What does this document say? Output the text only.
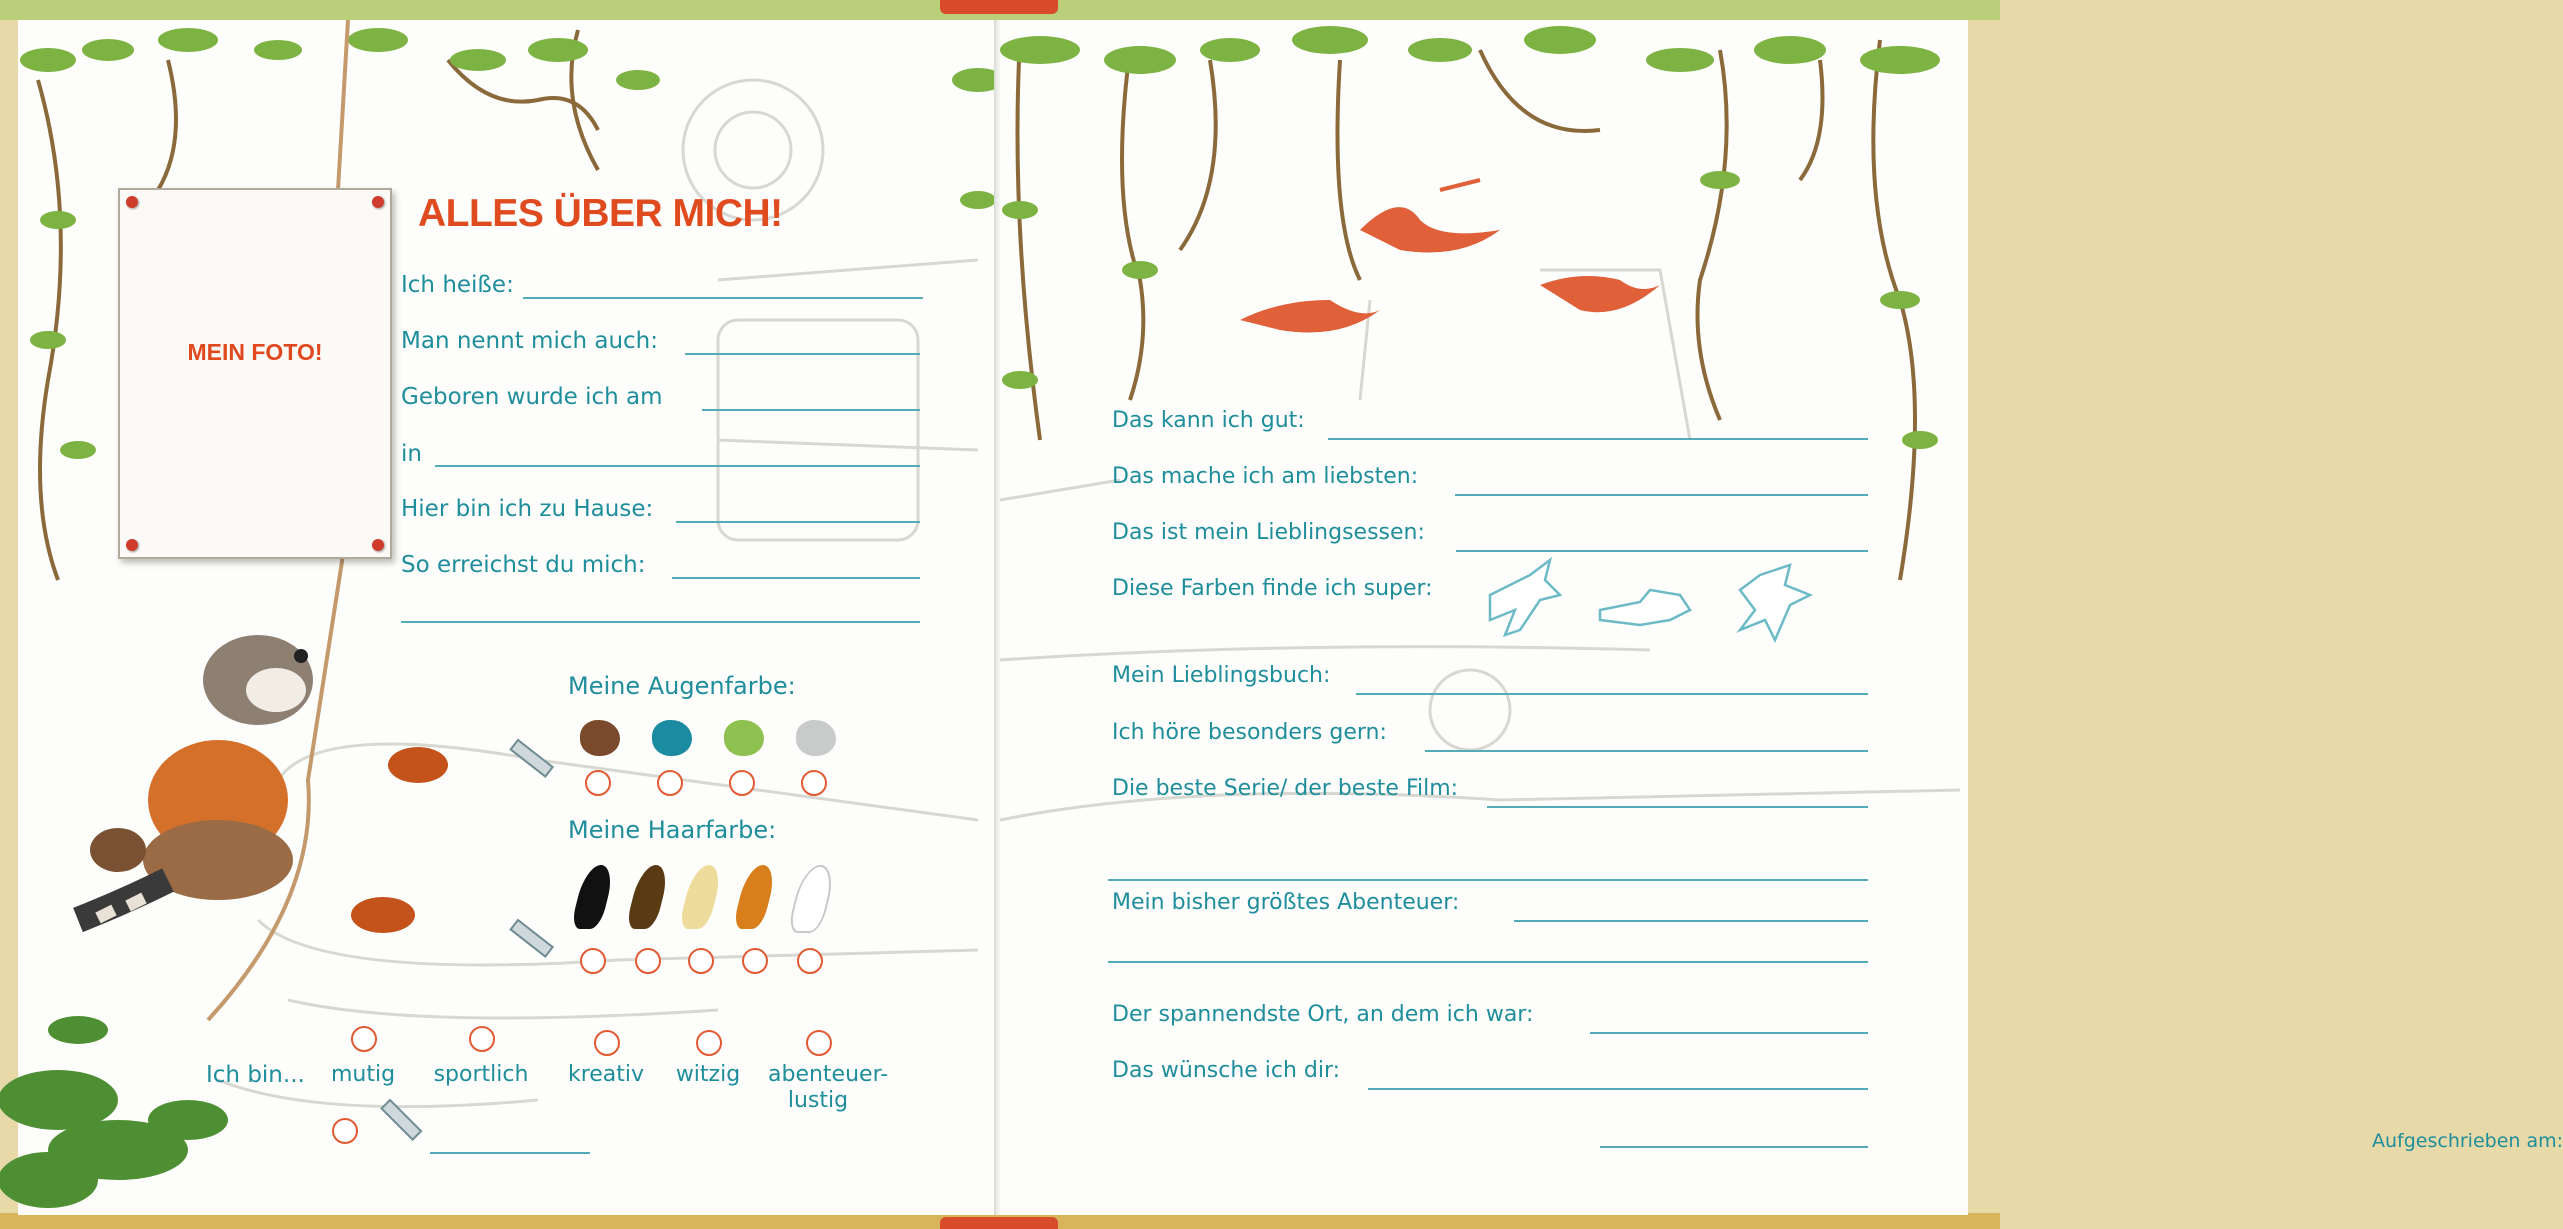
MEIN FOTO!
ALLES ÜBER MICH!
Ich heiße:
Man nennt mich auch:
Geboren wurde ich am
in
Hier bin ich zu Hause:
So erreichst du mich:
Meine Augenfarbe:
Meine Haarfarbe:
Ich bin...	mutig	sportlich	kreativ	witzig	abenteuer-
lustig
Das kann ich gut:
Das mache ich am liebsten:
Das ist mein Lieblingsessen:
Diese Farben finde ich super:
Mein Lieblingsbuch:
Ich höre besonders gern:
Die beste Serie/ der beste Film:
Mein bisher größtes Abenteuer:
Der spannendste Ort, an dem ich war:
Das wünsche ich dir:
Aufgeschrieben am:
